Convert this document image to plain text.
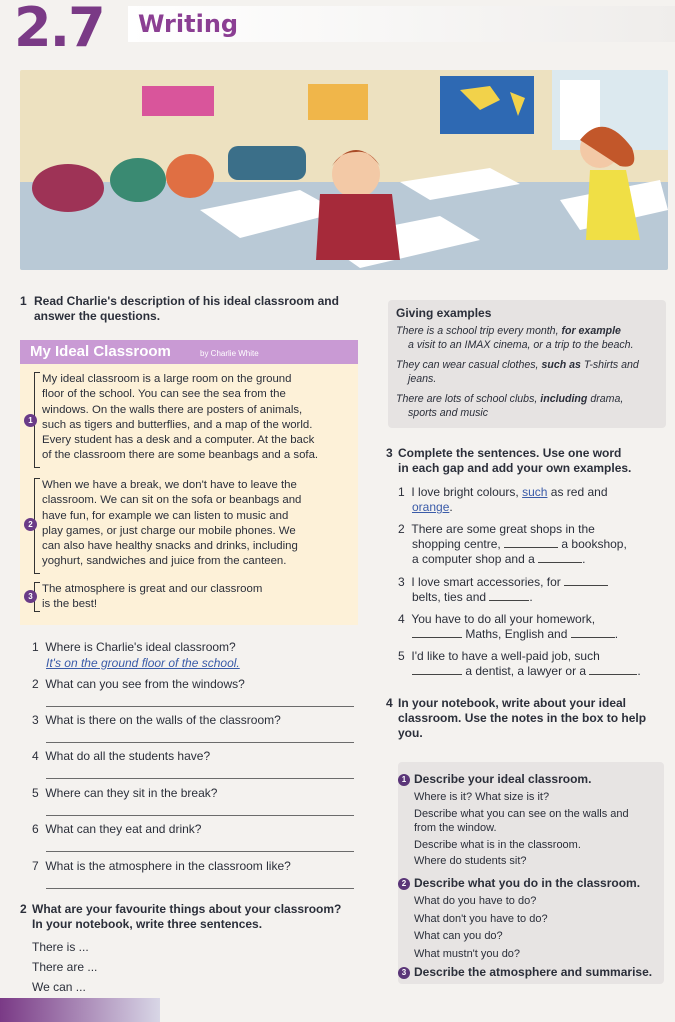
2.7 Writing
1 Read Charlie's description of his ideal classroom and
answer the questions.
My Ideal Classroom	by Charlie White
1
My ideal classroom is a large room on the ground
floor of the school. You can see the sea from the
windows. On the walls there are posters of animals,
such as tigers and butterflies, and a map of the world.
Every student has a desk and a computer. At the back
of the classroom there are some beanbags and a sofa.
2
When we have a break, we don't have to leave the
classroom. We can sit on the sofa or beanbags and
have fun, for example we can listen to music and
play games, or just charge our mobile phones. We
can also have healthy snacks and drinks, including
yoghurt, sandwiches and juice from the canteen.
3
The atmosphere is great and our classroom
is the best!
1 Where is Charlie's ideal classroom?
It's on the ground floor of the school.
2 What can you see from the windows?
3 What is there on the walls of the classroom?
4 What do all the students have?
5 Where can they sit in the break?
6 What can they eat and drink?
7 What is the atmosphere in the classroom like?
2 What are your favourite things about your classroom?
In your notebook, write three sentences.
There is ...
There are ...
We can ...
Giving examples
There is a school trip every month, for example
a visit to an IMAX cinema, or a trip to the beach.
They can wear casual clothes, such as T-shirts and
jeans.
There are lots of school clubs, including drama,
sports and music
3 Complete the sentences. Use one word
in each gap and add your own examples.
1 I love bright colours, such as red and
orange.
2 There are some great shops in the
shopping centre,	a bookshop,
a computer shop and a	.
3 I love smart accessories, for
belts, ties and	.
4 You have to do all your homework,
Maths, English and	.
5 I'd like to have a well-paid job, such
a dentist, a lawyer or a	.
4 In your notebook, write about your ideal
classroom. Use the notes in the box to help
you.
1 Describe your ideal classroom.
Where is it? What size is it?
Describe what you can see on the walls and
from the window.
Describe what is in the classroom.
Where do students sit?
2 Describe what you do in the classroom.
What do you have to do?
What don't you have to do?
What can you do?
What mustn't you do?
3 Describe the atmosphere and summarise.
